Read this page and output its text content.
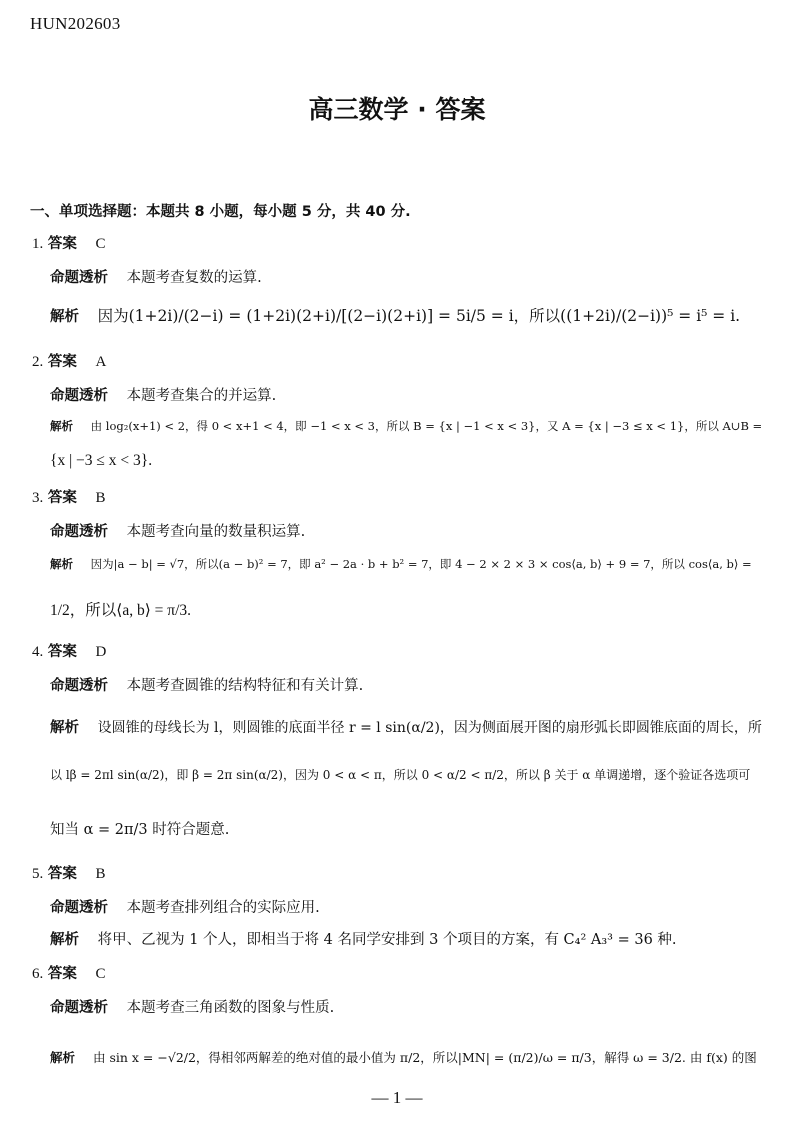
HUN202603
高三数学 · 答案
一、单项选择题：本题共 8 小题，每小题 5 分，共 40 分.
1. 答案 C
命题透析 本题考查复数的运算.
解析 因为(1+2i)/(2−i) = (1+2i)(2+i)/[(2−i)(2+i)] = 5i/5 = i，所以((1+2i)/(2−i))⁵ = i⁵ = i.
2. 答案 A
命题透析 本题考查集合的并运算.
解析 由 log₂(x+1) < 2，得 0 < x+1 < 4，即 −1 < x < 3，所以 B = {x | −1 < x < 3}，又 A = {x | −3 ≤ x < 1}，所以 A∪B =
{x | −3 ≤ x < 3}.
3. 答案 B
命题透析 本题考查向量的数量积运算.
解析 因为|a − b| = √7，所以(a − b)² = 7，即 a² − 2a · b + b² = 7，即 4 − 2 × 2 × 3 × cos⟨a, b⟩ + 9 = 7，所以 cos⟨a, b⟩ =
1/2，所以⟨a, b⟩ = π/3.
4. 答案 D
命题透析 本题考查圆锥的结构特征和有关计算.
解析 设圆锥的母线长为 l，则圆锥的底面半径 r = l sin(α/2)，因为侧面展开图的扇形弧长即圆锥底面的周长，所
以 lβ = 2πl sin(α/2)，即 β = 2π sin(α/2)，因为 0 < α < π，所以 0 < α/2 < π/2，所以 β 关于 α 单调递增，逐个验证各选项可
知当 α = 2π/3 时符合题意.
5. 答案 B
命题透析 本题考查排列组合的实际应用.
解析 将甲、乙视为 1 个人，即相当于将 4 名同学安排到 3 个项目的方案，有 C₄² A₃³ = 36 种.
6. 答案 C
命题透析 本题考查三角函数的图象与性质.
解析 由 sin x = −√2/2，得相邻两解差的绝对值的最小值为 π/2，所以|MN| = (π/2)/ω = π/3，解得 ω = 3/2. 由 f(x) 的图
— 1 —
